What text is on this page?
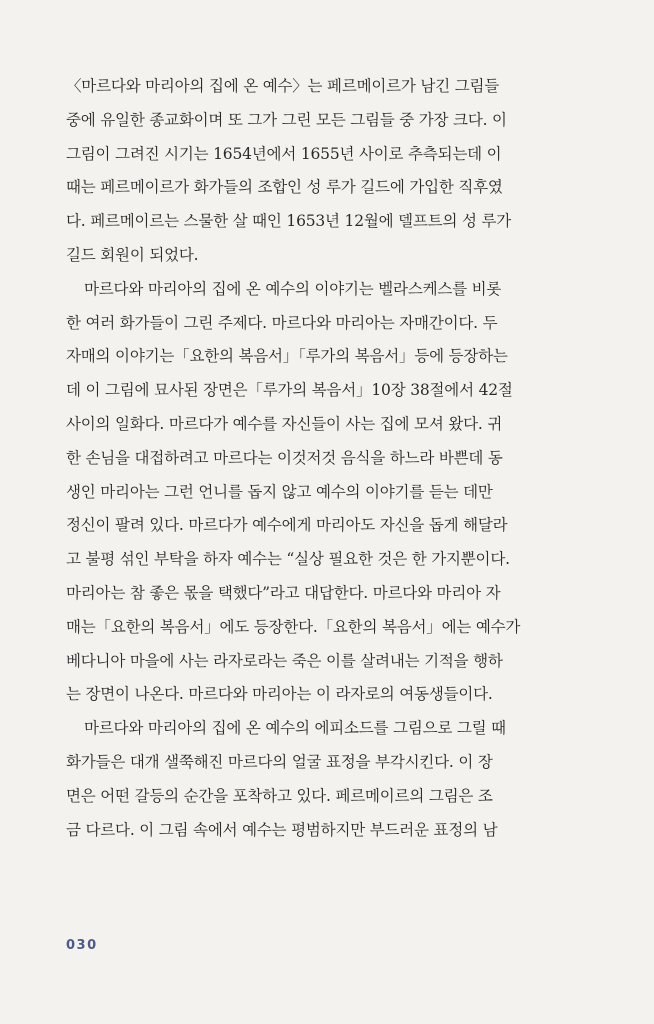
〈마르다와 마리아의 집에 온 예수〉는 페르메이르가 남긴 그림들
중에 유일한 종교화이며 또 그가 그린 모든 그림들 중 가장 크다. 이
그림이 그려진 시기는 1654년에서 1655년 사이로 추측되는데 이
때는 페르메이르가 화가들의 조합인 성 루가 길드에 가입한 직후였
다. 페르메이르는 스물한 살 때인 1653년 12월에 델프트의 성 루가
길드 회원이 되었다.
마르다와 마리아의 집에 온 예수의 이야기는 벨라스케스를 비롯
한 여러 화가들이 그린 주제다. 마르다와 마리아는 자매간이다. 두
자매의 이야기는「요한의 복음서」「루가의 복음서」등에 등장하는
데 이 그림에 묘사된 장면은「루가의 복음서」10장 38절에서 42절
사이의 일화다. 마르다가 예수를 자신들이 사는 집에 모셔 왔다. 귀
한 손님을 대접하려고 마르다는 이것저것 음식을 하느라 바쁜데 동
생인 마리아는 그런 언니를 돕지 않고 예수의 이야기를 듣는 데만
정신이 팔려 있다. 마르다가 예수에게 마리아도 자신을 돕게 해달라
고 불평 섞인 부탁을 하자 예수는 “실상 필요한 것은 한 가지뿐이다.
마리아는 참 좋은 몫을 택했다”라고 대답한다. 마르다와 마리아 자
매는「요한의 복음서」에도 등장한다.「요한의 복음서」에는 예수가
베다니아 마을에 사는 라자로라는 죽은 이를 살려내는 기적을 행하
는 장면이 나온다. 마르다와 마리아는 이 라자로의 여동생들이다.
마르다와 마리아의 집에 온 예수의 에피소드를 그림으로 그릴 때
화가들은 대개 샐쭉해진 마르다의 얼굴 표정을 부각시킨다. 이 장
면은 어떤 갈등의 순간을 포착하고 있다. 페르메이르의 그림은 조
금 다르다. 이 그림 속에서 예수는 평범하지만 부드러운 표정의 남
030
